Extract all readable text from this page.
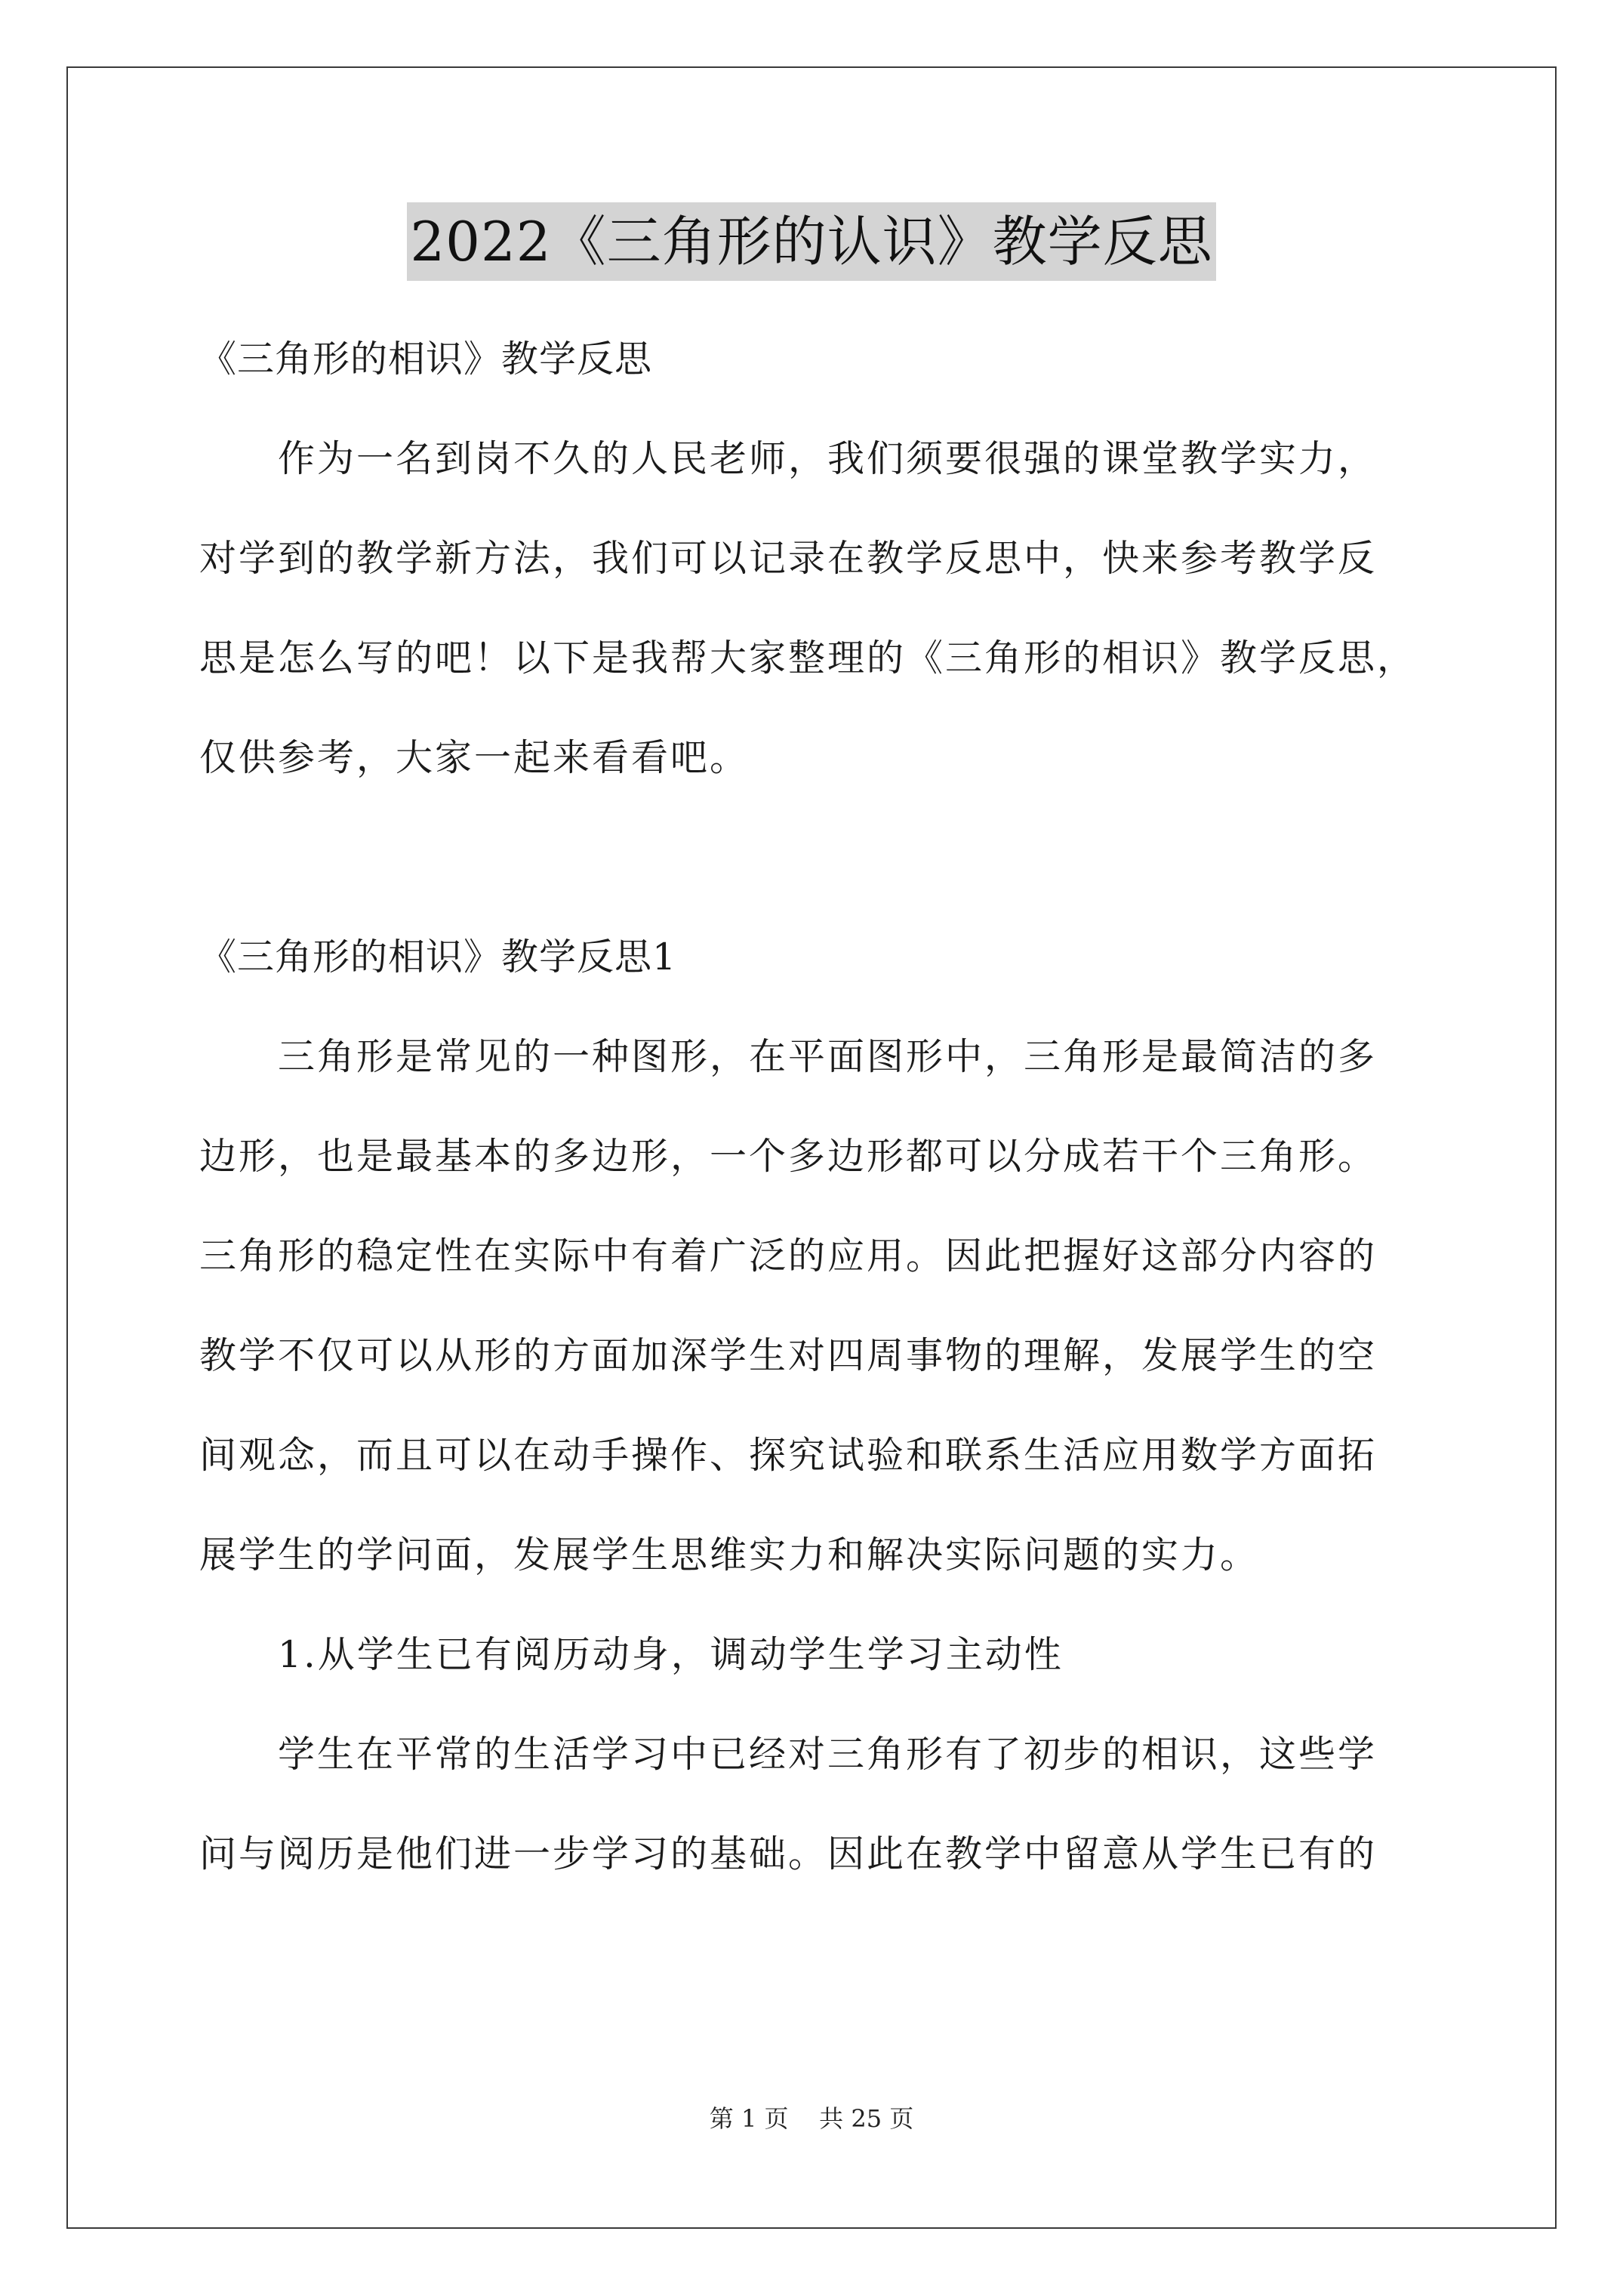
2022《三角形的认识》教学反思
《三角形的相识》教学反思
作为一名到岗不久的人民老师，我们须要很强的课堂教学实力，
对学到的教学新方法，我们可以记录在教学反思中，快来参考教学反
思是怎么写的吧！以下是我帮大家整理的《三角形的相识》教学反思，
仅供参考，大家一起来看看吧。
《三角形的相识》教学反思1
三角形是常见的一种图形，在平面图形中，三角形是最简洁的多
边形，也是最基本的多边形，一个多边形都可以分成若干个三角形。
三角形的稳定性在实际中有着广泛的应用。因此把握好这部分内容的
教学不仅可以从形的方面加深学生对四周事物的理解，发展学生的空
间观念，而且可以在动手操作、探究试验和联系生活应用数学方面拓
展学生的学问面，发展学生思维实力和解决实际问题的实力。
1.从学生已有阅历动身，调动学生学习主动性
学生在平常的生活学习中已经对三角形有了初步的相识，这些学
问与阅历是他们进一步学习的基础。因此在教学中留意从学生已有的
第 1 页    共 25 页
